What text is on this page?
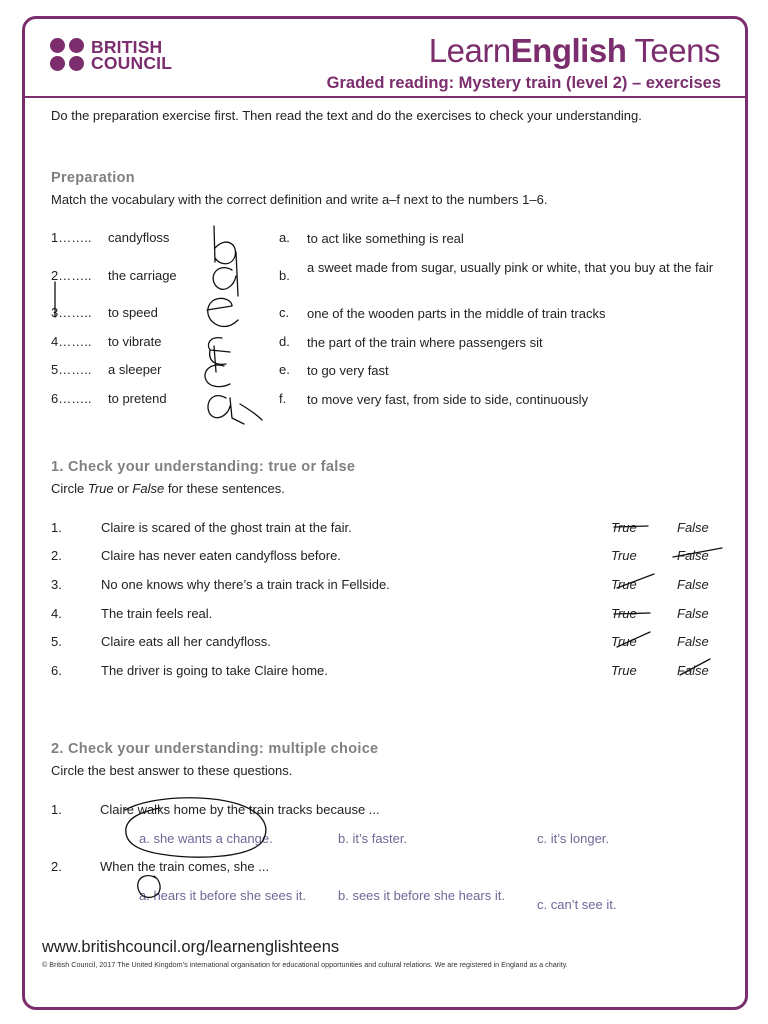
BRITISH
COUNCIL	LearnEnglish Teens
Graded reading: Mystery train (level 2) – exercises
Do the preparation exercise first. Then read the text and do the exercises to check your understanding.
Preparation
Match the vocabulary with the correct definition and write a–f next to the numbers 1–6.
1…….. candyfloss	a. to act like something is real
2…….. the carriage	b.
a sweet made from sugar, usually pink or white, that you buy at the fair
3…….. to speed	c. one of the wooden parts in the middle of train tracks
4…….. to vibrate	d. the part of the train where passengers sit
5…….. a sleeper	e. to go very fast
6…….. to pretend	f. to move very fast, from side to side, continuously
1. Check your understanding: true or false
Circle True or False for these sentences.
1.	Claire is scared of the ghost train at the fair.	True	False
2.	Claire has never eaten candyfloss before.	True	False
3.	No one knows why there’s a train track in Fellside.	True	False
4.	The train feels real.	True	False
5.	Claire eats all her candyfloss.	True	False
6.	The driver is going to take Claire home.	True	False
2. Check your understanding: multiple choice
Circle the best answer to these questions.
1.	Claire walks home by the train tracks because ...
a. she wants a change.	b. it’s faster.	c. it’s longer.
2.	When the train comes, she ...
a. hears it before she sees it.	b. sees it before she hears it.
c. can’t see it.
www.britishcouncil.org/learnenglishteens
© British Council, 2017 The United Kingdom’s international organisation for educational opportunities and cultural relations. We are registered in England as a charity.
